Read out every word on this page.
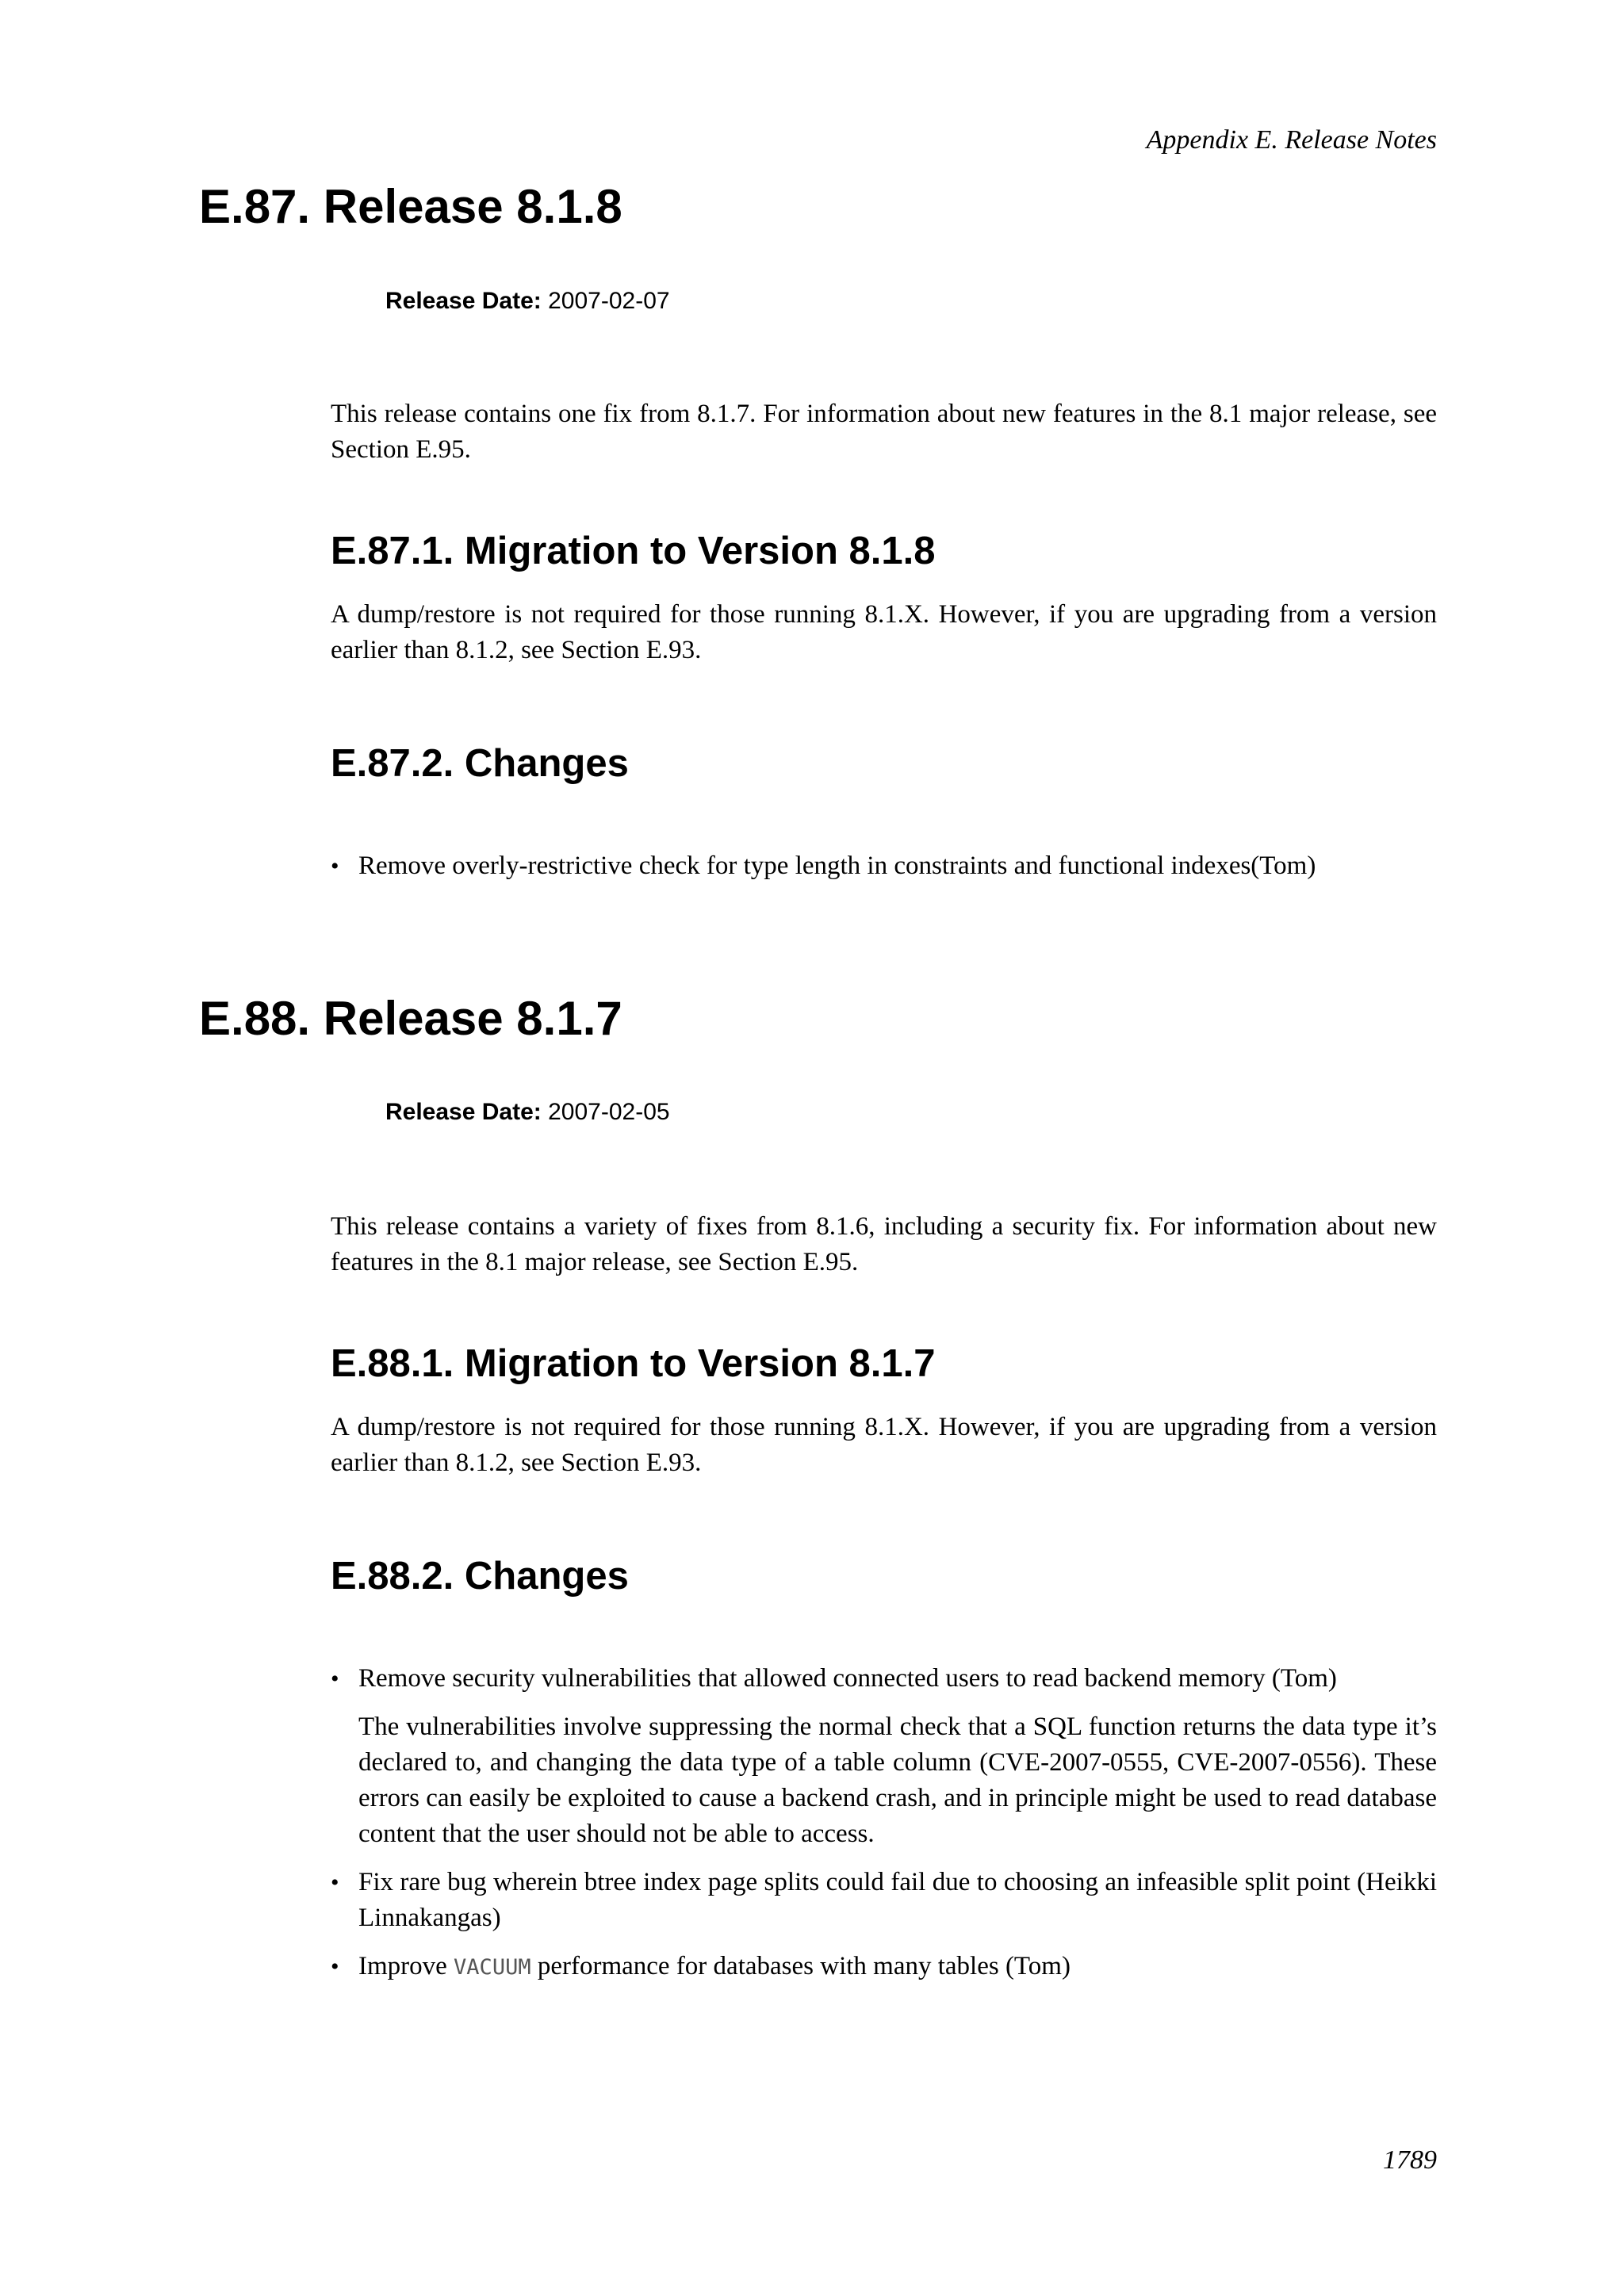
Appendix E. Release Notes
E.87. Release 8.1.8
Release Date: 2007-02-07

This release contains one fix from 8.1.7. For information about new features in the 8.1 major release, see Section E.95.

E.87.1. Migration to Version 8.1.8

A dump/restore is not required for those running 8.1.X. However, if you are upgrading from a version earlier than 8.1.2, see Section E.93.

E.87.2. Changes
• Remove overly-restrictive check for type length in constraints and functional indexes(Tom)
E.88. Release 8.1.7
Release Date: 2007-02-05

This release contains a variety of fixes from 8.1.6, including a security fix. For information about new features in the 8.1 major release, see Section E.95.

E.88.1. Migration to Version 8.1.7

A dump/restore is not required for those running 8.1.X. However, if you are upgrading from a version earlier than 8.1.2, see Section E.93.

E.88.2. Changes
• Remove security vulnerabilities that allowed connected users to read backend memory (Tom)
The vulnerabilities involve suppressing the normal check that a SQL function returns the data type it’s declared to, and changing the data type of a table column (CVE-2007-0555, CVE-2007-0556). These errors can easily be exploited to cause a backend crash, and in principle might be used to read database content that the user should not be able to access.
• Fix rare bug wherein btree index page splits could fail due to choosing an infeasible split point (Heikki Linnakangas)
• Improve VACUUM performance for databases with many tables (Tom)
1789
